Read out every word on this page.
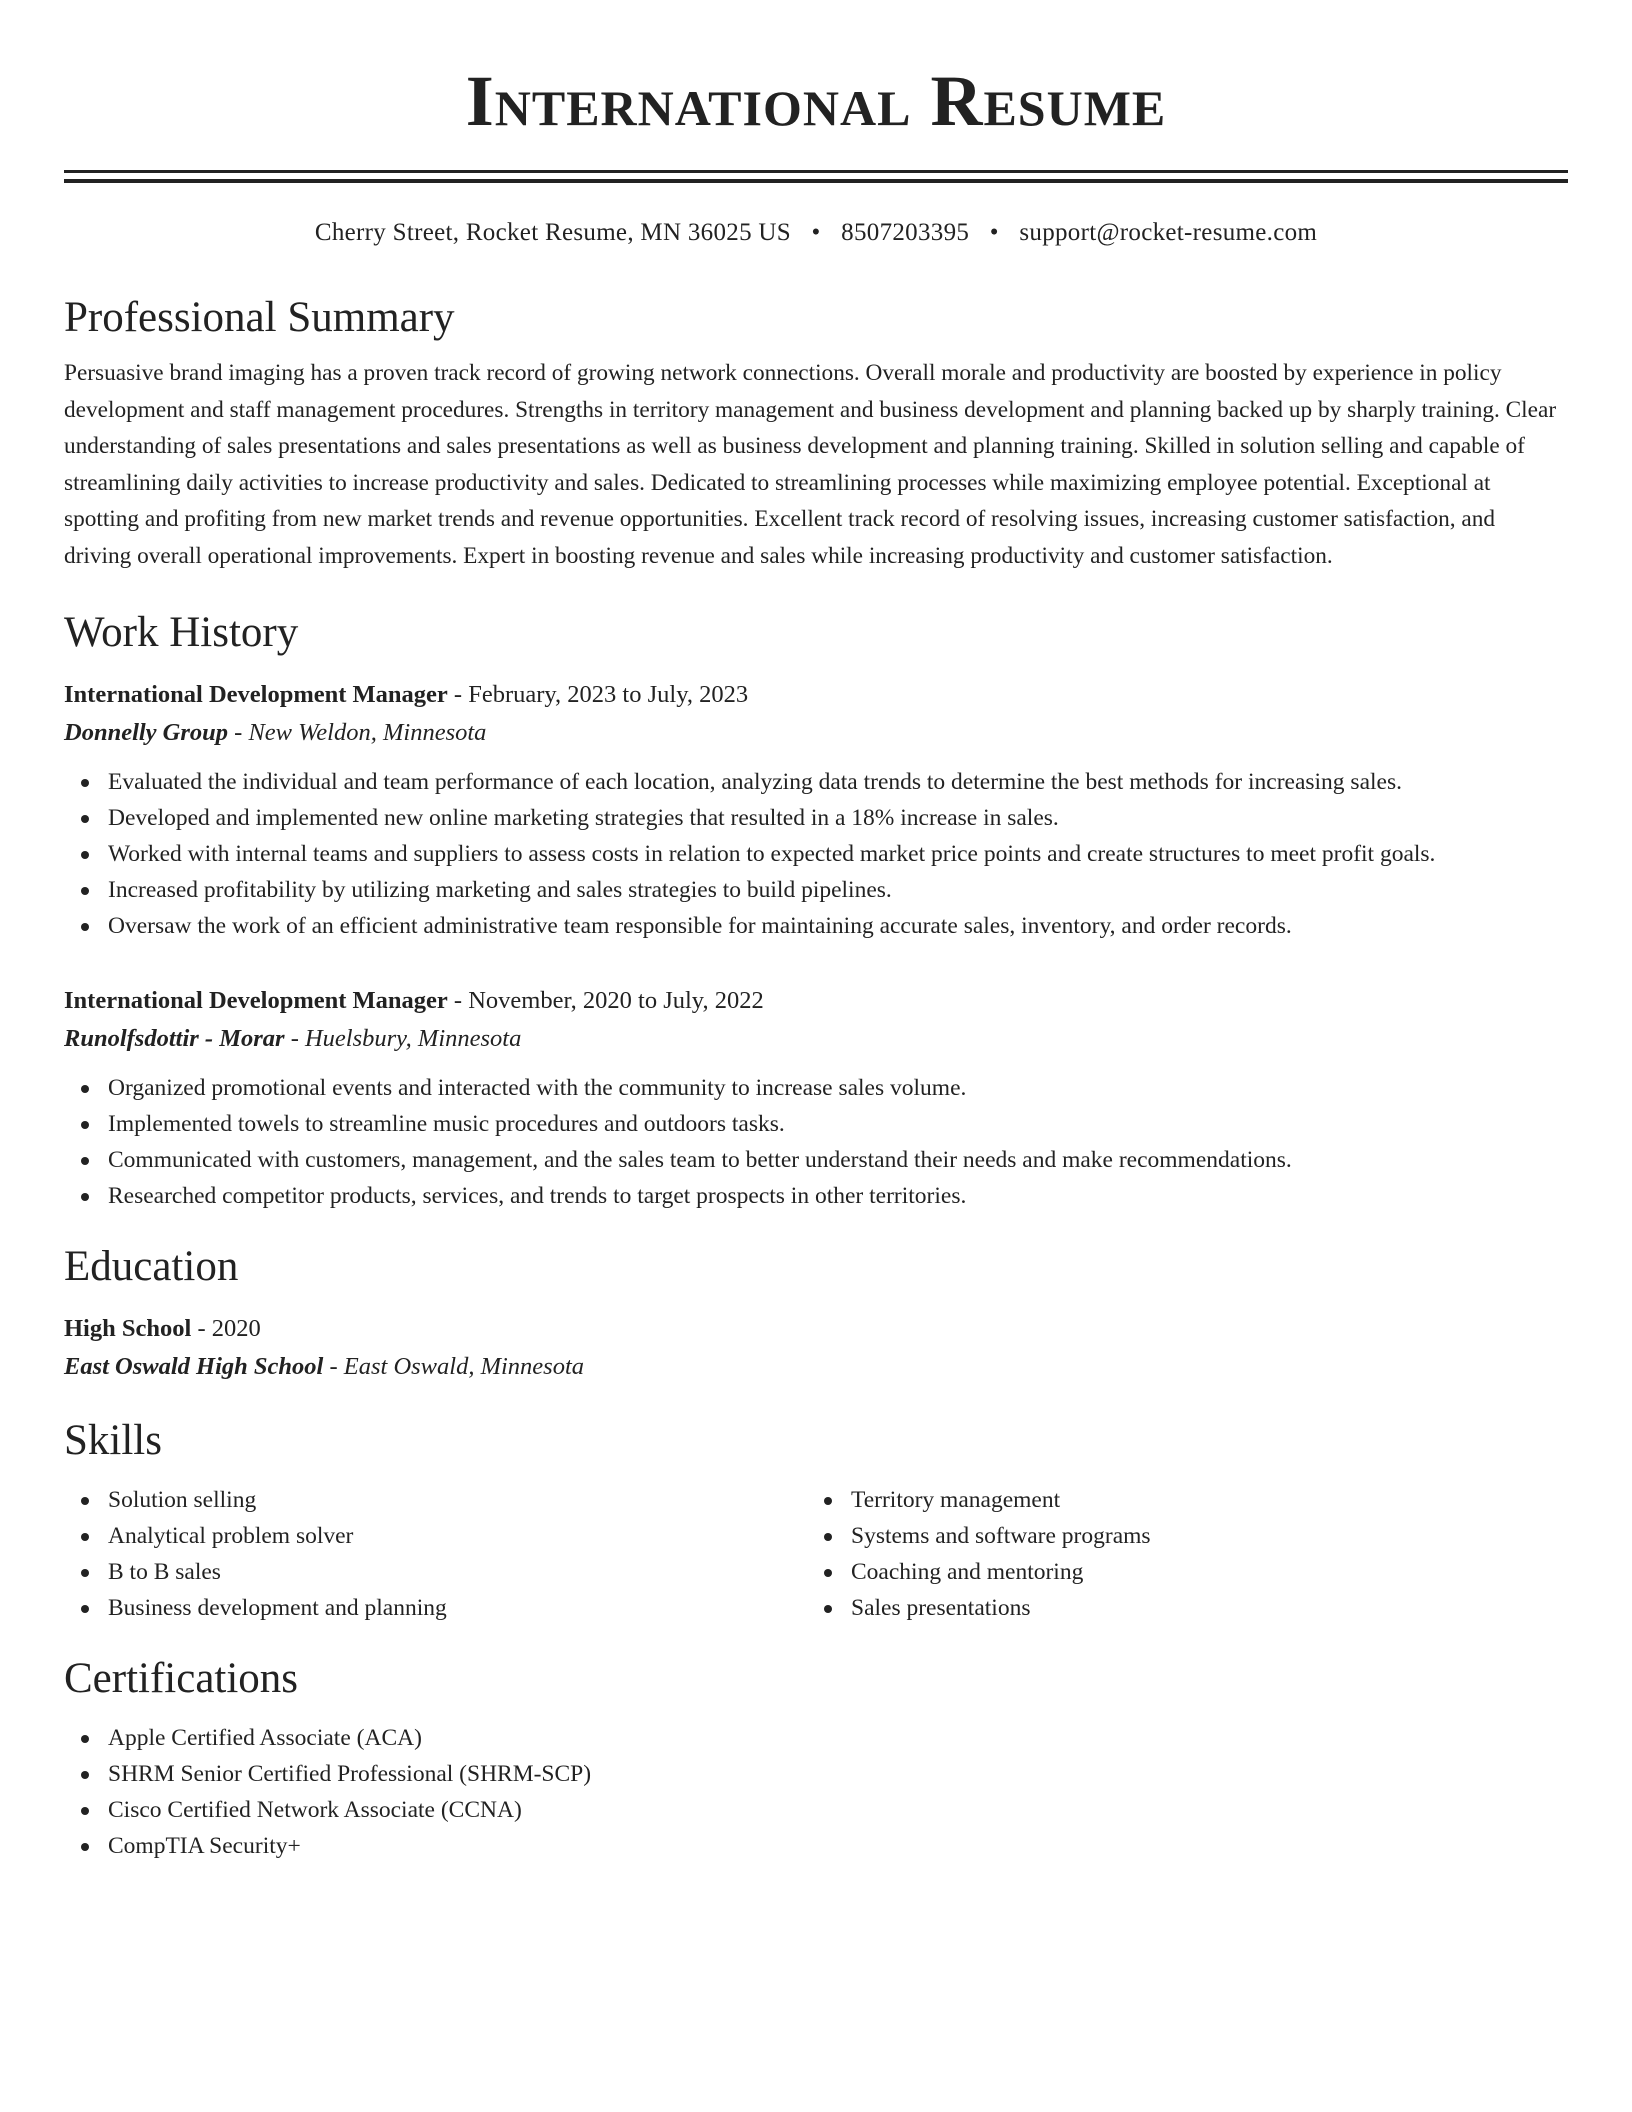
International Resume
Cherry Street, Rocket Resume, MN 36025 US • 8507203395 • support@rocket-resume.com
Professional Summary

Persuasive brand imaging has a proven track record of growing network connections. Overall morale and productivity are boosted by experience in policy development and staff management procedures. Strengths in territory management and business development and planning backed up by sharply training. Clear understanding of sales presentations and sales presentations as well as business development and planning training. Skilled in solution selling and capable of streamlining daily activities to increase productivity and sales. Dedicated to streamlining processes while maximizing employee potential. Exceptional at spotting and profiting from new market trends and revenue opportunities. Excellent track record of resolving issues, increasing customer satisfaction, and driving overall operational improvements. Expert in boosting revenue and sales while increasing productivity and customer satisfaction.

Work History
International Development Manager - February, 2023 to July, 2023
Donnelly Group - New Weldon, Minnesota
Evaluated the individual and team performance of each location, analyzing data trends to determine the best methods for increasing sales.
Developed and implemented new online marketing strategies that resulted in a 18% increase in sales.
Worked with internal teams and suppliers to assess costs in relation to expected market price points and create structures to meet profit goals.
Increased profitability by utilizing marketing and sales strategies to build pipelines.
Oversaw the work of an efficient administrative team responsible for maintaining accurate sales, inventory, and order records.
International Development Manager - November, 2020 to July, 2022
Runolfsdottir - Morar - Huelsbury, Minnesota
Organized promotional events and interacted with the community to increase sales volume.
Implemented towels to streamline music procedures and outdoors tasks.
Communicated with customers, management, and the sales team to better understand their needs and make recommendations.
Researched competitor products, services, and trends to target prospects in other territories.
Education
High School - 2020
East Oswald High School - East Oswald, Minnesota
Skills
Solution selling
Analytical problem solver
B to B sales
Business development and planning
Territory management
Systems and software programs
Coaching and mentoring
Sales presentations
Certifications
Apple Certified Associate (ACA)
SHRM Senior Certified Professional (SHRM-SCP)
Cisco Certified Network Associate (CCNA)
CompTIA Security+
